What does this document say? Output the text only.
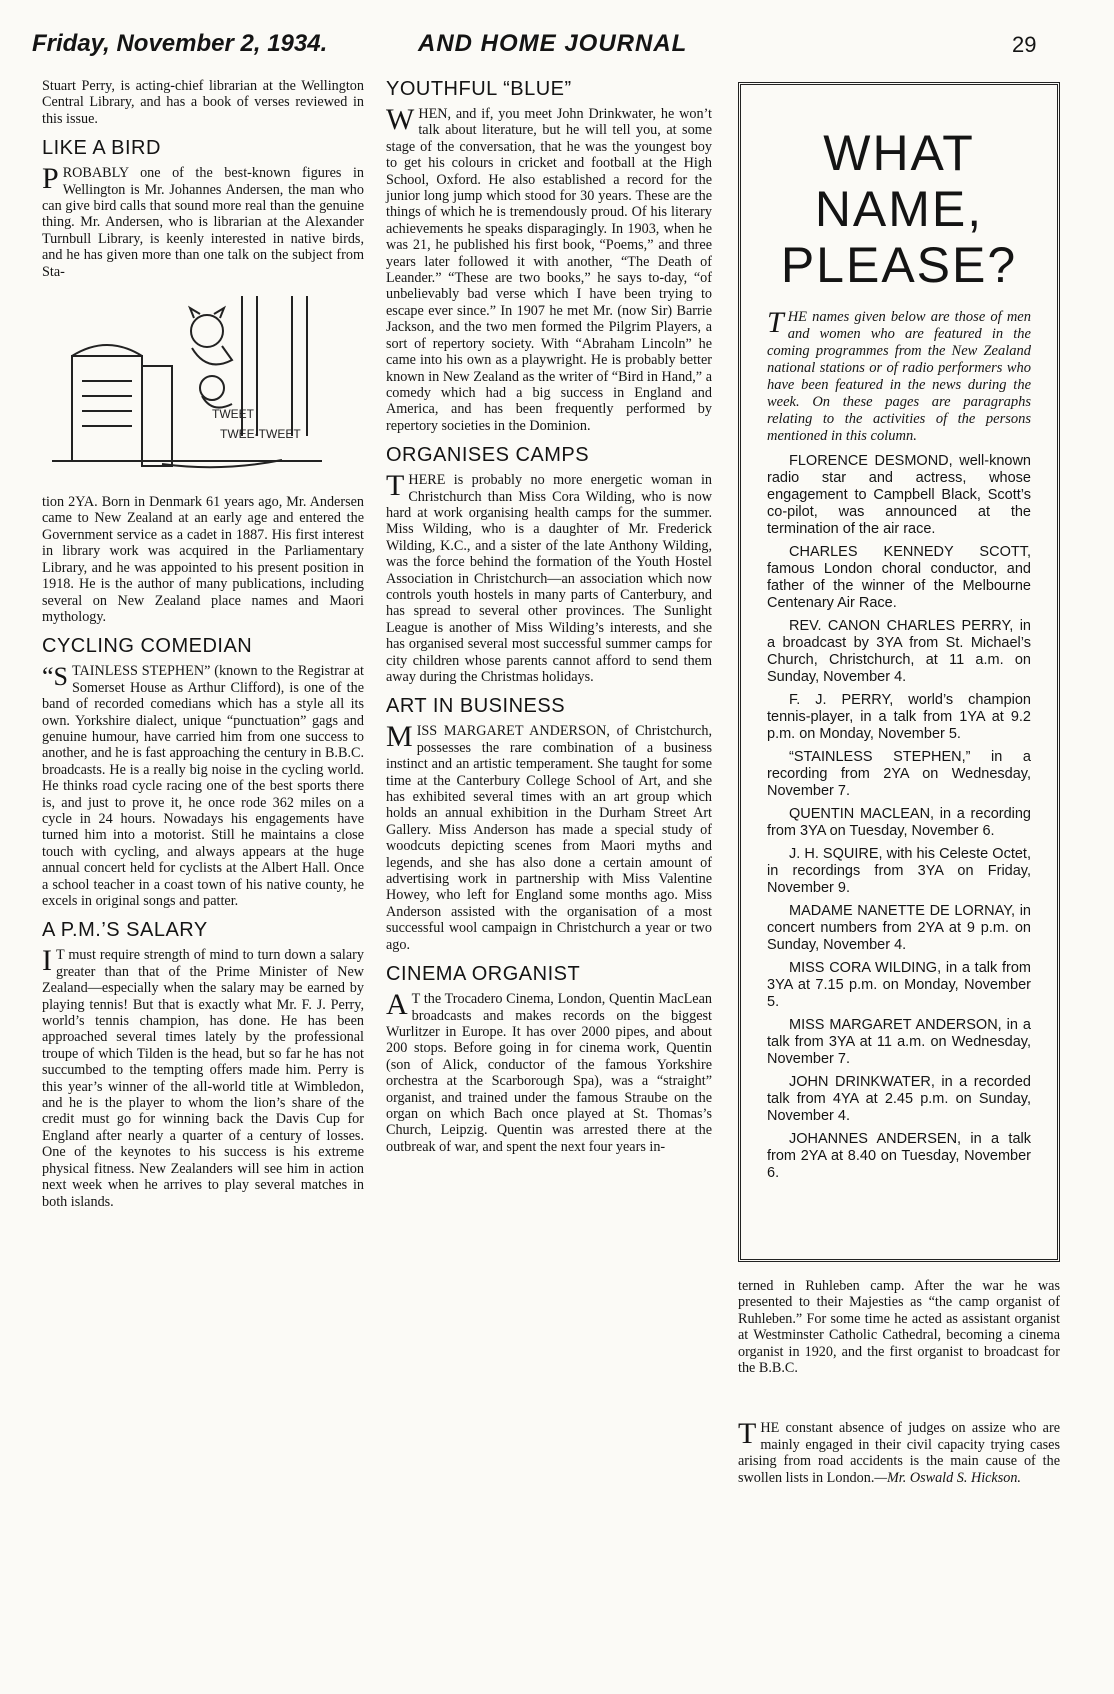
Friday, November 2, 1934.	AND HOME JOURNAL	29

Stuart Perry, is acting-chief librarian at the Wellington Central Library, and has a book of verses reviewed in this issue.

LIKE A BIRD

PROBABLY one of the best-known figures in Wellington is Mr. Johannes Andersen, the man who can give bird calls that sound more real than the genuine thing. Mr. Andersen, who is librarian at the Alexander Turnbull Library, is keenly interested in native birds, and he has given more than one talk on the subject from Sta-

TWEET
TWEE-TWEET

tion 2YA. Born in Denmark 61 years ago, Mr. Andersen came to New Zealand at an early age and entered the Government service as a cadet in 1887. His first interest in library work was acquired in the Parliamentary Library, and he was appointed to his present position in 1918. He is the author of many publications, including several on New Zealand place names and Maori mythology.

CYCLING COMEDIAN

“STAINLESS STEPHEN” (known to the Registrar at Somerset House as Arthur Clifford), is one of the band of recorded comedians which has a style all its own. Yorkshire dialect, unique “punctuation” gags and genuine humour, have carried him from one success to another, and he is fast approaching the century in B.B.C. broadcasts. He is a really big noise in the cycling world. He thinks road cycle racing one of the best sports there is, and just to prove it, he once rode 362 miles on a cycle in 24 hours. Nowadays his engagements have turned him into a motorist. Still he maintains a close touch with cycling, and always appears at the huge annual concert held for cyclists at the Albert Hall. Once a school teacher in a coast town of his native county, he excels in original songs and patter.

A P.M.’S SALARY

I T must require strength of mind to turn down a salary greater than that of the Prime Minister of New Zealand—especially when the salary may be earned by playing tennis! But that is exactly what Mr. F. J. Perry, world’s tennis champion, has done. He has been approached several times lately by the professional troupe of which Tilden is the head, but so far he has not succumbed to the tempting offers made him. Perry is this year’s winner of the all-world title at Wimbledon, and he is the player to whom the lion’s share of the credit must go for winning back the Davis Cup for England after nearly a quarter of a century of losses. One of the keynotes to his success is his extreme physical fitness. New Zealanders will see him in action next week when he arrives to play several matches in both islands.

YOUTHFUL “BLUE”

WHEN, and if, you meet John Drinkwater, he won’t talk about literature, but he will tell you, at some stage of the conversation, that he was the youngest boy to get his colours in cricket and football at the High School, Oxford. He also established a record for the junior long jump which stood for 30 years. These are the things of which he is tremendously proud. Of his literary achievements he speaks disparagingly. In 1903, when he was 21, he published his first book, “Poems,” and three years later followed it with another, “The Death of Leander.” “These are two books,” he says to-day, “of unbelievably bad verse which I have been trying to escape ever since.” In 1907 he met Mr. (now Sir) Barrie Jackson, and the two men formed the Pilgrim Players, a sort of repertory society. With “Abraham Lincoln” he came into his own as a playwright. He is probably better known in New Zealand as the writer of “Bird in Hand,” a comedy which had a big success in England and America, and has been frequently performed by repertory societies in the Dominion.

ORGANISES CAMPS

THERE is probably no more energetic woman in Christchurch than Miss Cora Wilding, who is now hard at work organising health camps for the summer. Miss Wilding, who is a daughter of Mr. Frederick Wilding, K.C., and a sister of the late Anthony Wilding, was the force behind the formation of the Youth Hostel Association in Christchurch—an association which now controls youth hostels in many parts of Canterbury, and has spread to several other provinces. The Sunlight League is another of Miss Wilding’s interests, and she has organised several most successful summer camps for city children whose parents cannot afford to send them away during the Christmas holidays.

ART IN BUSINESS

MISS MARGARET ANDERSON, of Christchurch, possesses the rare combination of a business instinct and an artistic temperament. She taught for some time at the Canterbury College School of Art, and she has exhibited several times with an art group which holds an annual exhibition in the Durham Street Art Gallery. Miss Anderson has made a special study of woodcuts depicting scenes from Maori myths and legends, and she has also done a certain amount of advertising work in partnership with Miss Valentine Howey, who left for England some months ago. Miss Anderson assisted with the organisation of a most successful wool campaign in Christchurch a year or two ago.

CINEMA ORGANIST

A T the Trocadero Cinema, London, Quentin MacLean broadcasts and makes records on the biggest Wurlitzer in Europe. It has over 2000 pipes, and about 200 stops. Before going in for cinema work, Quentin (son of Alick, conductor of the famous Yorkshire orchestra at the Scarborough Spa), was a “straight” organist, and trained under the famous Straube on the organ on which Bach once played at St. Thomas’s Church, Leipzig. Quentin was arrested there at the outbreak of war, and spent the next four years in-

WHAT NAME, PLEASE?

THE names given below are those of men and women who are featured in the coming programmes from the New Zealand national stations or of radio performers who have been featured in the news during the week. On these pages are paragraphs relating to the activities of the persons mentioned in this column.

FLORENCE DESMOND, well-known radio star and actress, whose engagement to Campbell Black, Scott’s co-pilot, was announced at the termination of the air race.

CHARLES KENNEDY SCOTT, famous London choral conductor, and father of the winner of the Melbourne Centenary Air Race.

REV. CANON CHARLES PERRY, in a broadcast by 3YA from St. Michael’s Church, Christchurch, at 11 a.m. on Sunday, November 4.

F. J. PERRY, world’s champion tennis-player, in a talk from 1YA at 9.2 p.m. on Monday, November 5.

“STAINLESS STEPHEN,” in a recording from 2YA on Wednesday, November 7.

QUENTIN MACLEAN, in a recording from 3YA on Tuesday, November 6.

J. H. SQUIRE, with his Celeste Octet, in recordings from 3YA on Friday, November 9.

MADAME NANETTE DE LORNAY, in concert numbers from 2YA at 9 p.m. on Sunday, November 4.

MISS CORA WILDING, in a talk from 3YA at 7.15 p.m. on Monday, November 5.

MISS MARGARET ANDERSON, in a talk from 3YA at 11 a.m. on Wednesday, November 7.

JOHN DRINKWATER, in a recorded talk from 4YA at 2.45 p.m. on Sunday, November 4.

JOHANNES ANDERSEN, in a talk from 2YA at 8.40 on Tuesday, November 6.

terned in Ruhleben camp. After the war he was presented to their Majesties as “the camp organist of Ruhleben.” For some time he acted as assistant organist at Westminster Catholic Cathedral, becoming a cinema organist in 1920, and the first organist to broadcast for the B.B.C.

THE constant absence of judges on assize who are mainly engaged in their civil capacity trying cases arising from road accidents is the main cause of the swollen lists in London.—Mr. Oswald S. Hickson.
